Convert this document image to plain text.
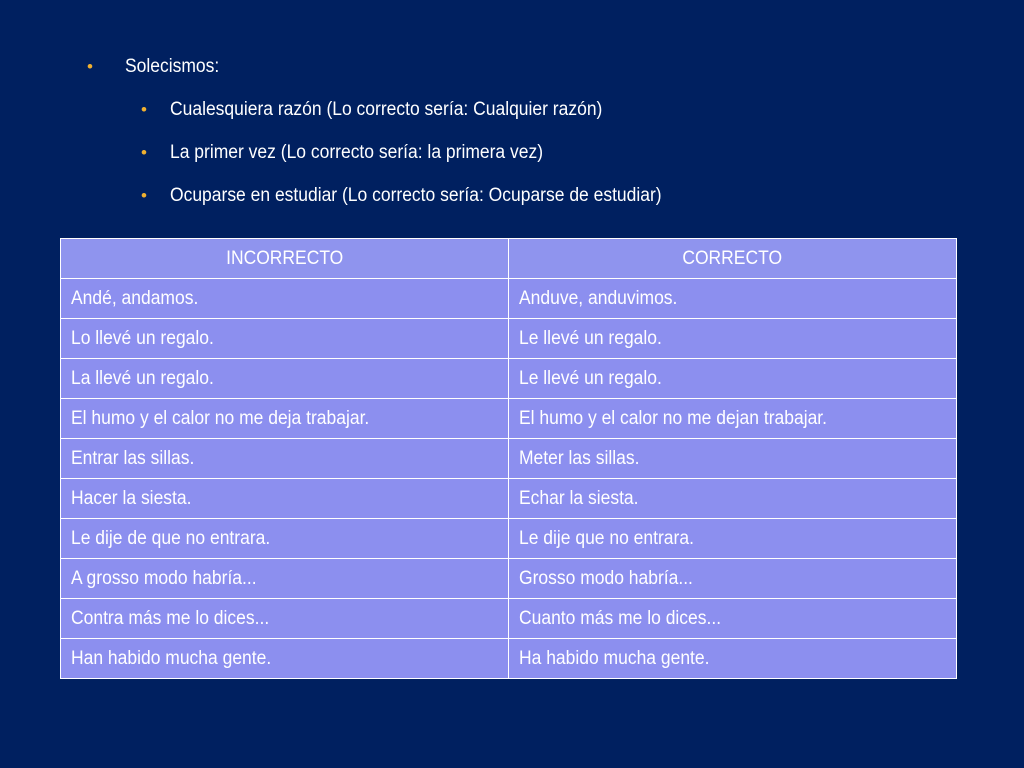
•	Solecismos:
•	Cualesquiera razón (Lo correcto sería: Cualquier razón)
•	La primer vez (Lo correcto sería: la primera vez)
•	Ocuparse en estudiar (Lo correcto sería: Ocuparse de estudiar)
INCORRECTO	CORRECTO
Andé, andamos.	Anduve, anduvimos.
Lo llevé un regalo.	Le llevé un regalo.
La llevé un regalo.	Le llevé un regalo.
El humo y el calor no me deja trabajar.	El humo y el calor no me dejan trabajar.
Entrar las sillas.	Meter las sillas.
Hacer la siesta.	Echar la siesta.
Le dije de que no entrara.	Le dije que no entrara.
A grosso modo habría...	Grosso modo habría...
Contra más me lo dices...	Cuanto más me lo dices...
Han habido mucha gente.	Ha habido mucha gente.
